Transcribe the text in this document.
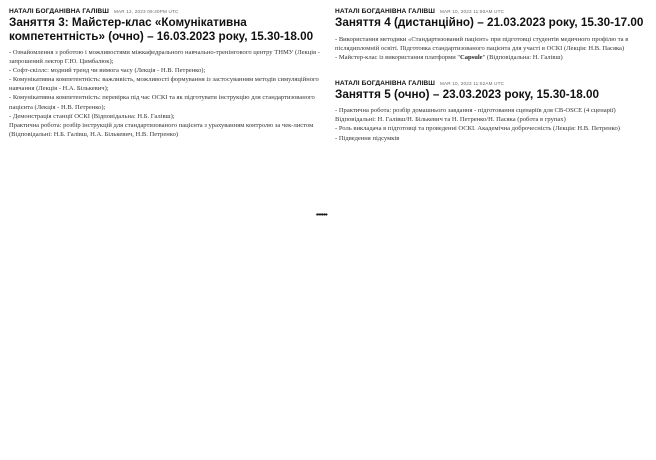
НАТАЛІ БОГДАНІВНА ГАЛІВШ MAR 12, 2023 09:40PM UTC
Заняття 3: Майстер-клас «Комунікативна компетентність» (очно) – 16.03.2023 року, 15.30-18.00

- Ознайомлення з роботою і можливостями міжкафедрального навчально-тренінгового центру ТНМУ (Лекція - запрошений лектор Г.Ю. Цимбалюк);

- Софт-скіллс: модний тренд чи вимога часу (Лекція - Н.В. Петренко);

- Комунікативна компетентність: важливість, можливості формування із застосуванням методів симуляційного навчання (Лекція - Н.А. Бількевич);

- Комунікативна компетентність: перевірка під час ОСКІ та як підготувати інструкцію для стандартизованого пацієнта (Лекція - Н.В. Петренко);

- Демонстрація станції ОСКІ (Відповідальна: Н.Б. Галівш);

Практична робота: розбір інструкцій для стандартизованого пацієнта з урахуванням контролю за чек-листом (Відповідальні: Н.Б. Галівш, Н.А. Бількевич, Н.В. Петренко)

НАТАЛІ БОГДАНІВНА ГАЛІВШ MAR 10, 2023 11:50AM UTC
Заняття 4 (дистанційно) – 21.03.2023 року, 15.30-17.00

- Використання методики «Стандартизований пацієнт» при підготовці студентів медичного профілю та в післядипломній освіті. Підготовка стандартизованого пацієнта для участі в ОСКІ (Лекція: Н.В. Пасяка)

- Майстер-клас із використання платформи "Capsule" (Відповідальна: Н. Галівш)

НАТАЛІ БОГДАНІВНА ГАЛІВШ MAR 10, 2023 11:52AM UTC
Заняття 5 (очно) – 23.03.2023 року, 15.30-18.00

- Практична робота: розбір домашнього завдання - підготовання сценаріїв для CB-OSCE (4 сценарії) Відповідальні: Н. Галівш/Н. Бількевич та Н. Петренко/Н. Пасяка (робота в групах)

- Роль викладача в підготовці та проведенні ОСКІ. Академічна доброчесність (Лекція: Н.В. Петренко)

- Підведення підсумків

••••••
